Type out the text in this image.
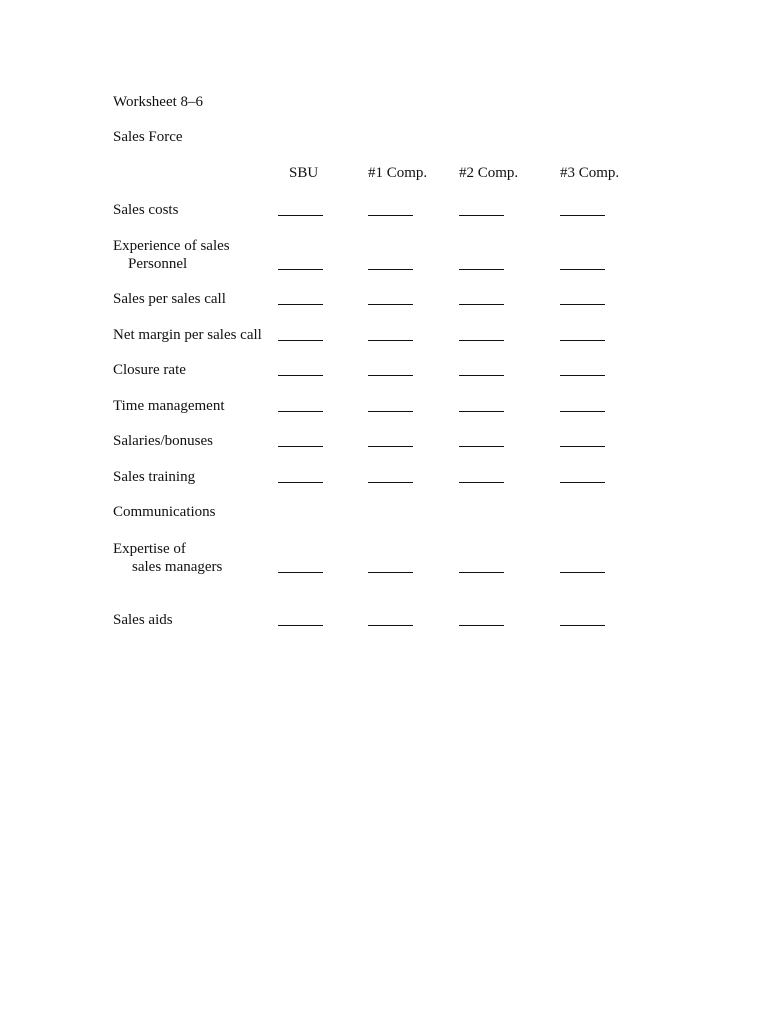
Worksheet 8–6
Sales Force
SBU	#1 Comp. #2 Comp.	#3 Comp.
Sales costs
Experience of sales
Personnel
Sales per sales call
Net margin per sales call
Closure rate
Time management
Salaries/bonuses
Sales training
Communications
Expertise of
sales managers
Sales aids
